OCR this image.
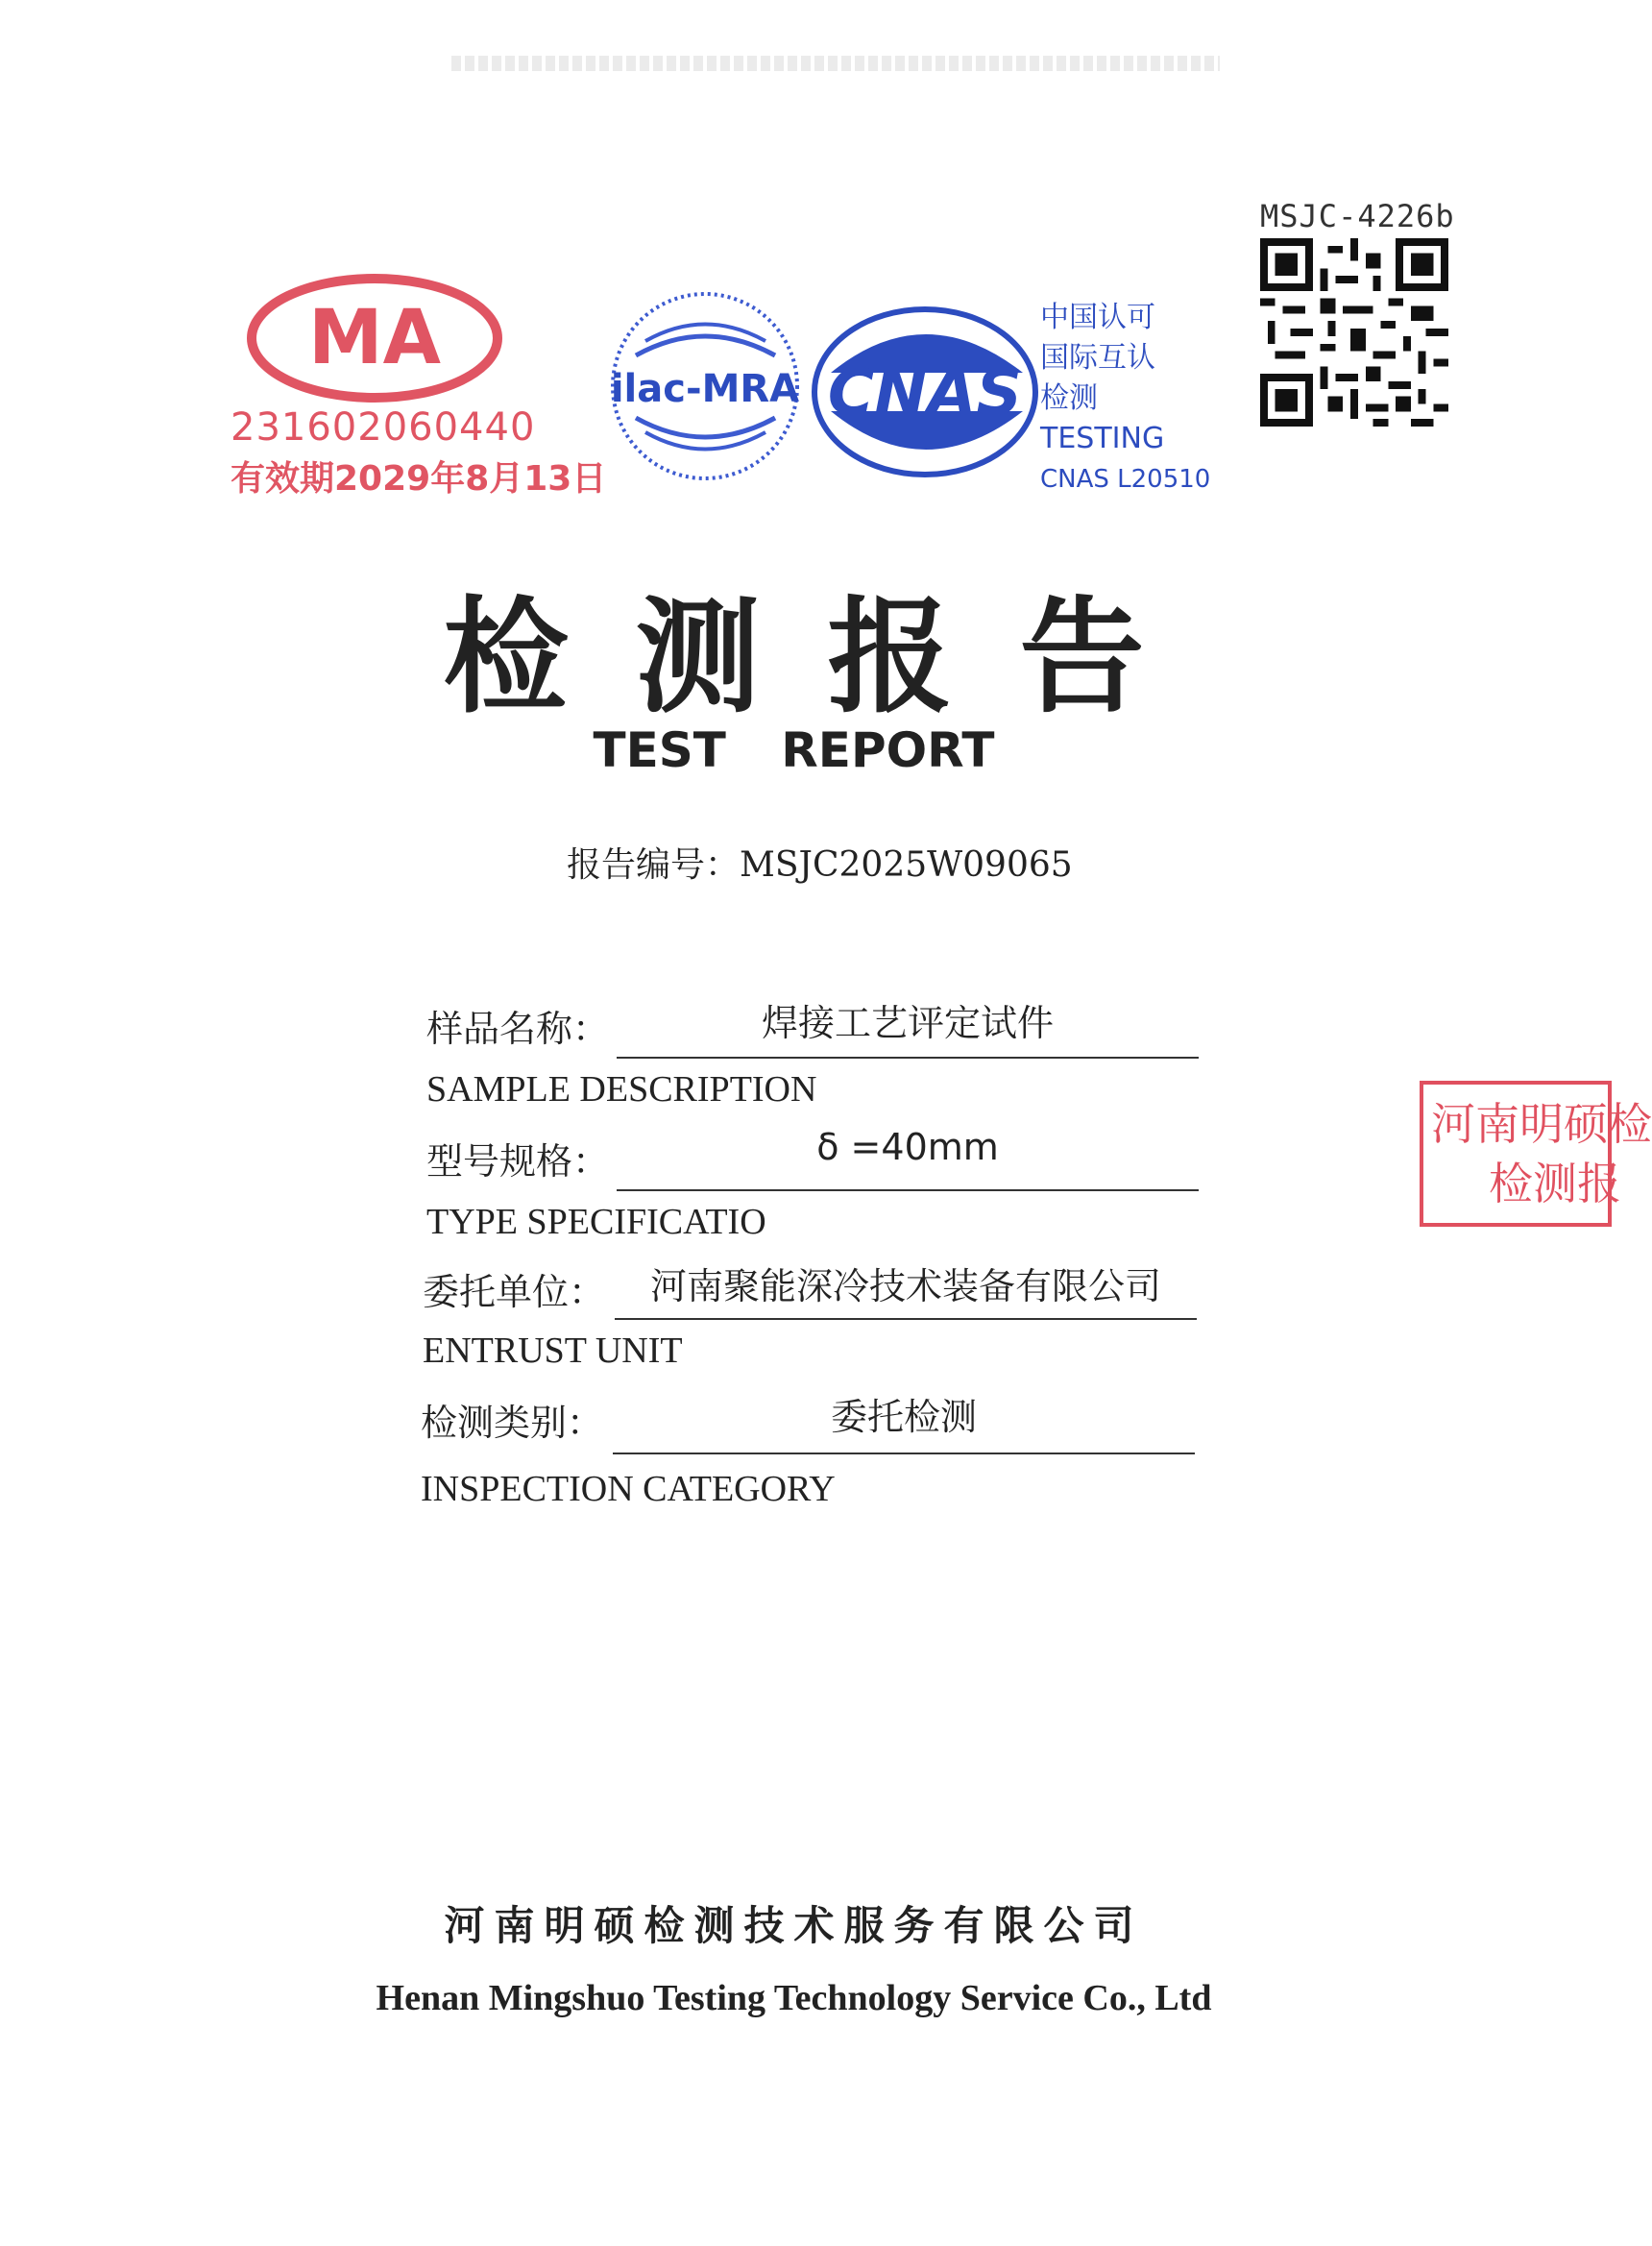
MSJC-4226b
MA
231602060440
有效期2029年8月13日
ilac-MRA CNAS
中国认可
国际互认
检测
TESTING
CNAS L20510
检测报告
TEST REPORT
报告编号：MSJC2025W09065
样品名称：	焊接工艺评定试件
SAMPLE DESCRIPTION
型号规格：	δ =40mm
TYPE SPECIFICATIO
委托单位：	河南聚能深冷技术装备有限公司
ENTRUST UNIT
检测类别：	委托检测
INSPECTION CATEGORY
河南明硕检
检测报
河南明硕检测技术服务有限公司
Henan Mingshuo Testing Technology Service Co., Ltd
